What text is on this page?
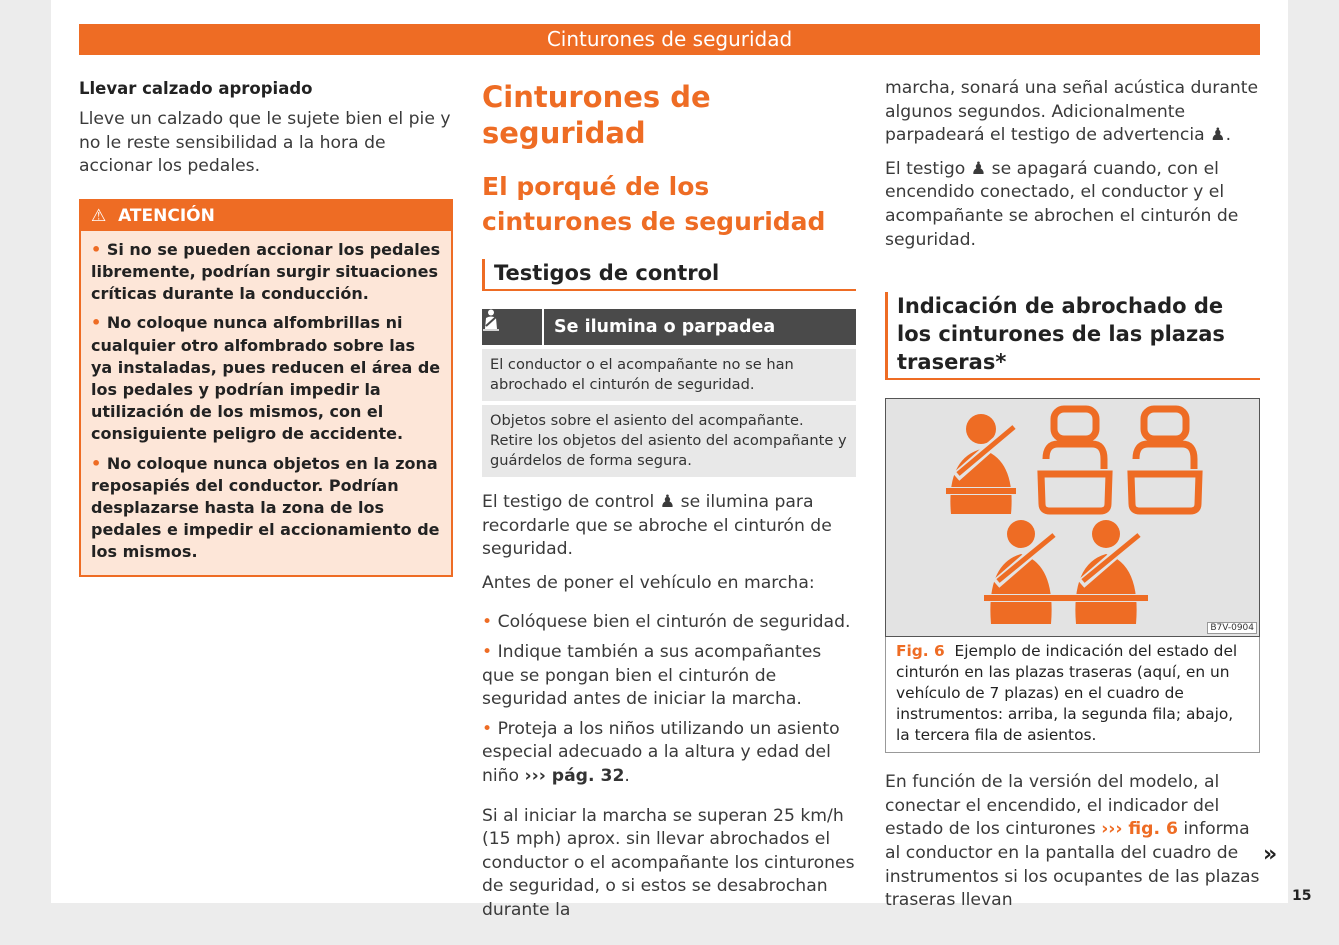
Cinturones de seguridad
Llevar calzado apropiado

Lleve un calzado que le sujete bien el pie y no le reste sensibilidad a la hora de accionar los pedales.

⚠ ATENCIÓN

• Si no se pueden accionar los pedales libremente, podrían surgir situaciones críticas durante la conducción.

• No coloque nunca alfombrillas ni cualquier otro alfombrado sobre las ya instaladas, pues reducen el área de los pedales y podrían impedir la utilización de los mismos, con el consiguiente peligro de accidente.

• No coloque nunca objetos en la zona reposapiés del conductor. Podrían desplazarse hasta la zona de los pedales e impedir el accionamiento de los mismos.

Cinturones de seguridad
El porqué de los cinturones de seguridad
Testigos de control
Se ilumina o parpadea
El conductor o el acompañante no se han abrochado el cinturón de seguridad.
Objetos sobre el asiento del acompañante. Retire los objetos del asiento del acompañante y guárdelos de forma segura.

El testigo de control ♟ se ilumina para recordarle que se abroche el cinturón de seguridad.

Antes de poner el vehículo en marcha:

• Colóquese bien el cinturón de seguridad.

• Indique también a sus acompañantes que se pongan bien el cinturón de seguridad antes de iniciar la marcha.

• Proteja a los niños utilizando un asiento especial adecuado a la altura y edad del niño ››› pág. 32.

Si al iniciar la marcha se superan 25 km/h (15 mph) aprox. sin llevar abrochados el conductor o el acompañante los cinturones de seguridad, o si estos se desabrochan durante la

marcha, sonará una señal acústica durante algunos segundos. Adicionalmente parpadeará el testigo de advertencia ♟.

El testigo ♟ se apagará cuando, con el encendido conectado, el conductor y el acompañante se abrochen el cinturón de seguridad.

Indicación de abrochado de los cinturones de las plazas traseras*
B7V-0904
Fig. 6 Ejemplo de indicación del estado del cinturón en las plazas traseras (aquí, en un vehículo de 7 plazas) en el cuadro de instrumentos: arriba, la segunda fila; abajo, la tercera fila de asientos.

En función de la versión del modelo, al conectar el encendido, el indicador del estado de los cinturones ››› fig. 6 informa al conductor en la pantalla del cuadro de instrumentos si los ocupantes de las plazas traseras llevan

»
15
